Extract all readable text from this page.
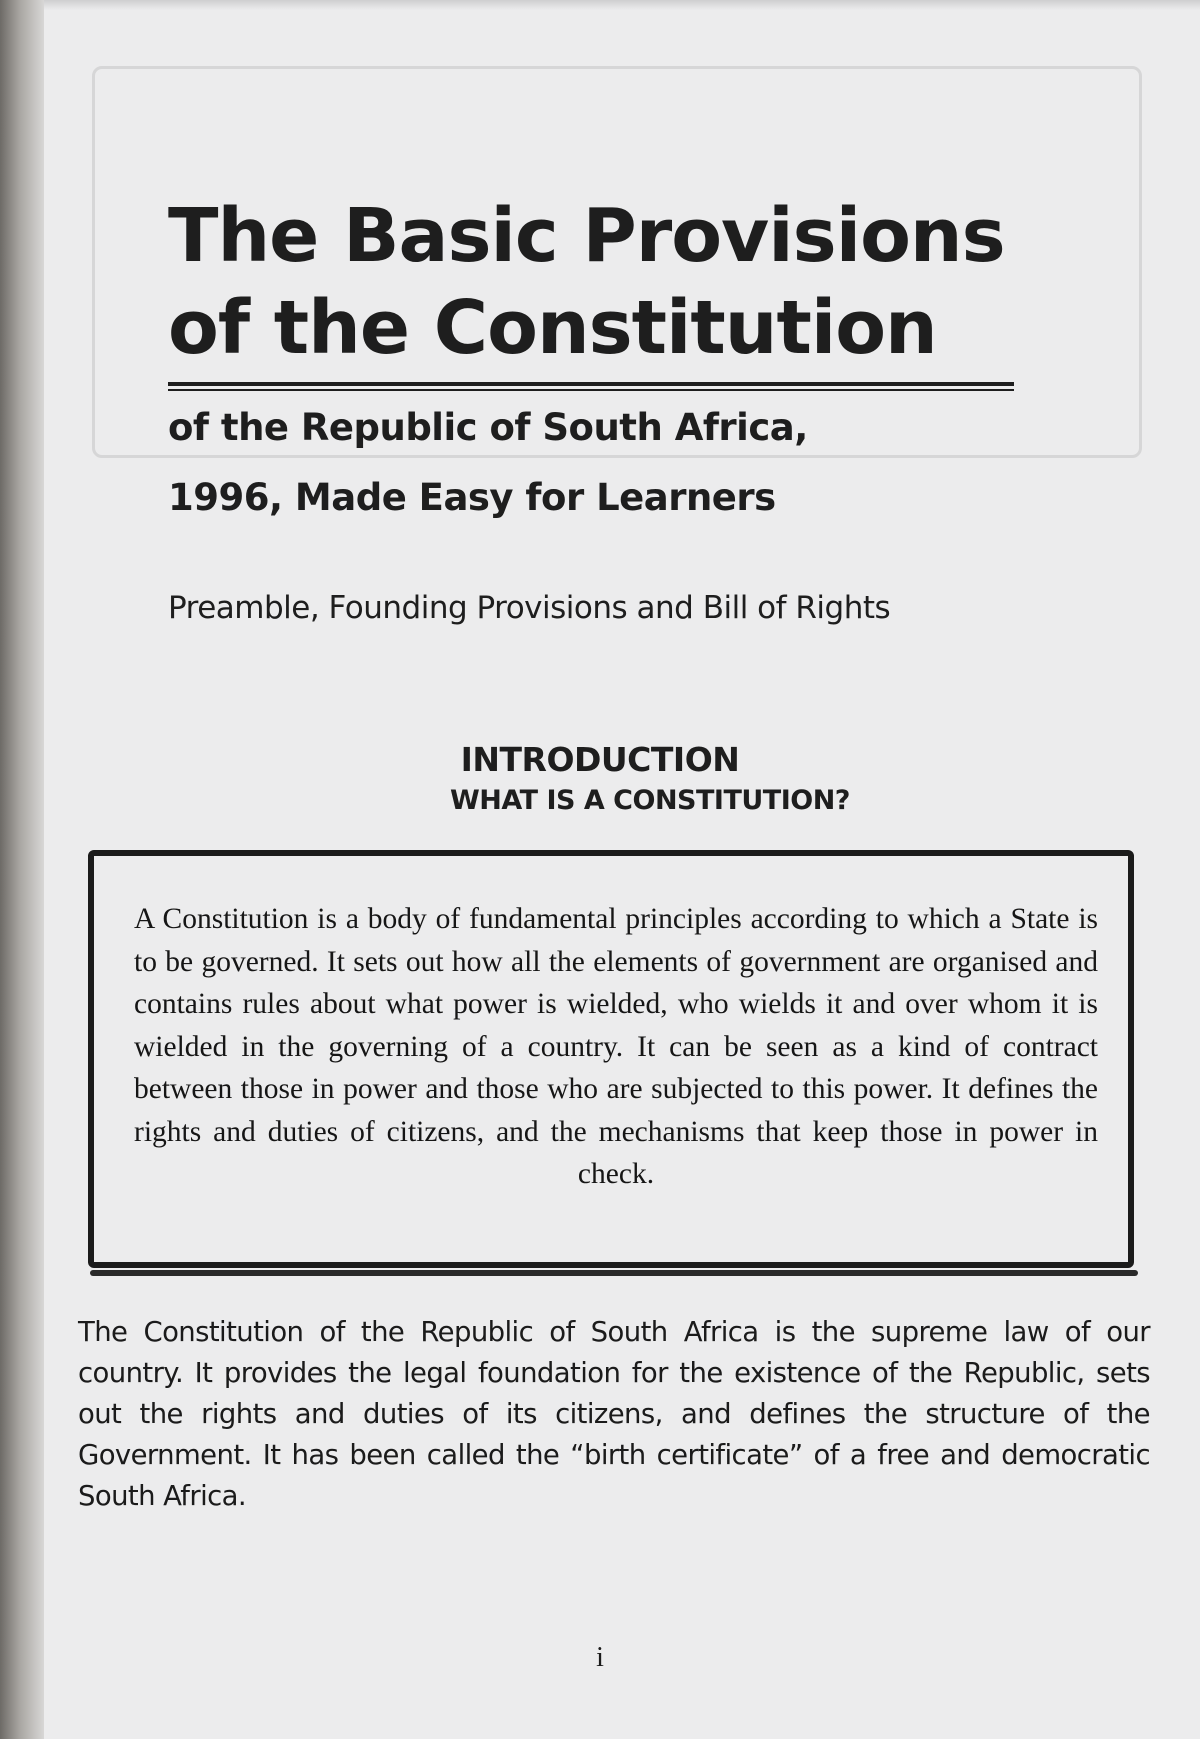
The Basic Provisions
of the Constitution
of the Republic of South Africa,
1996, Made Easy for Learners
Preamble, Founding Provisions and Bill of Rights
INTRODUCTION
WHAT IS A CONSTITUTION?

A Constitution is a body of fundamental principles according to which a State is to be governed. It sets out how all the elements of government are organised and contains rules about what power is wielded, who wields it and over whom it is wielded in the governing of a country. It can be seen as a kind of contract between those in power and those who are subjected to this power. It defines the rights and duties of citizens, and the mechanisms that keep those in power in check.

The Constitution of the Republic of South Africa is the supreme law of our country. It provides the legal foundation for the existence of the Republic, sets out the rights and duties of its citizens, and defines the structure of the Government. It has been called the “birth certificate” of a free and democratic South Africa.

i
